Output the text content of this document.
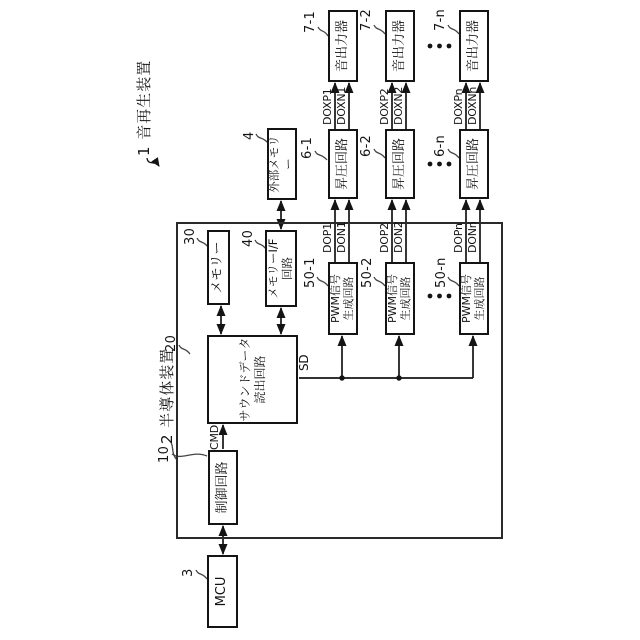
MCU
制御回路
サウンドデータ 読出回路
メモリー	メモリーI/F 回路
外部メモリー
PWM信号 生成回路
昇圧回路
音出力器
PWM信号 生成回路
昇圧回路
音出力器
PWM信号 生成回路
昇圧回路
音出力器
1 音再生装置
2 半導体装置
3
10
20
30	40
4
50-1	50-2	50-n
6-1	6-2	6-n
7-1	7-2	7-n
CMD
SD
DOP1 DON1
DOXP1 DOXN1
DOP2 DON2
DOXP2 DOXN2
DOPn DONn
DOXPn DOXNn
